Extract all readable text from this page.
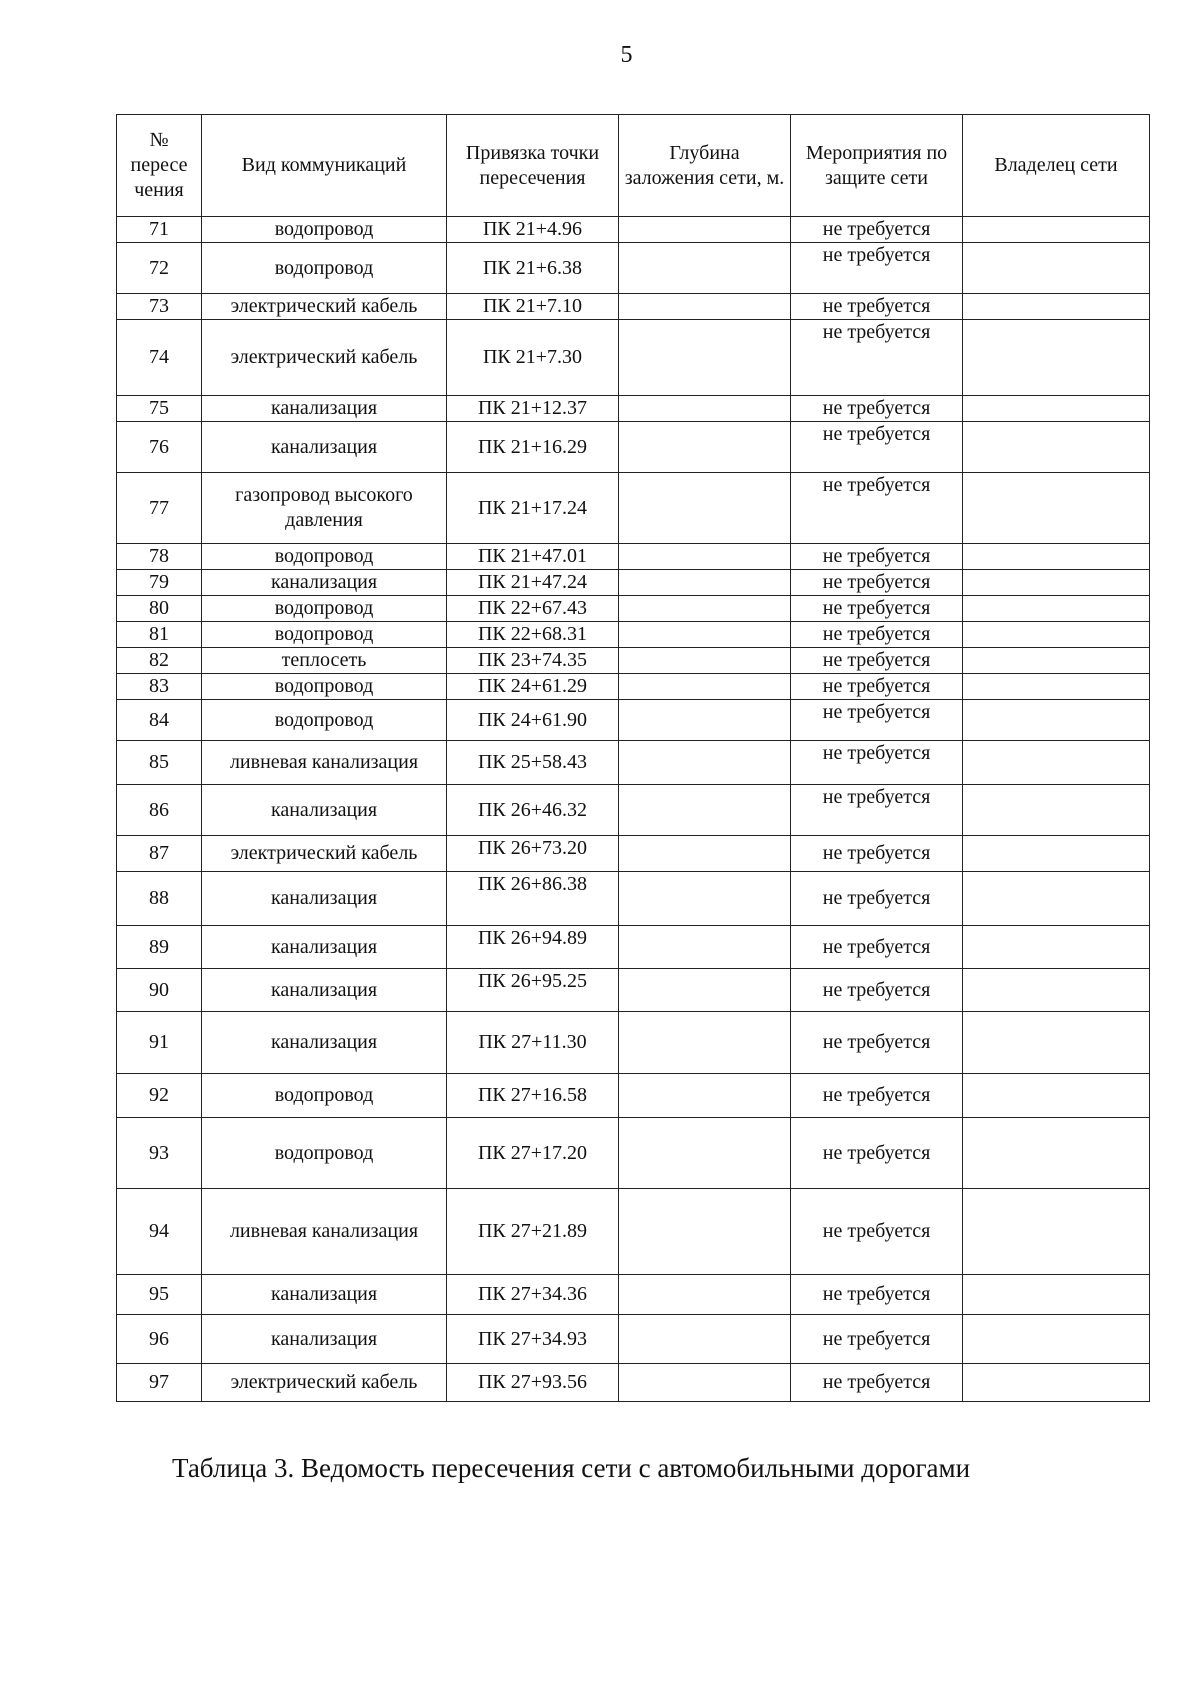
5
№ пересе чения	Вид коммуникаций	Привязка точки пересечения	Глубина заложения сети, м.	Мероприятия по защите сети	Владелец сети
71	водопровод	ПК 21+4.96		не требуется	
72	водопровод	ПК 21+6.38		не требуется	
73	электрический кабель	ПК 21+7.10		не требуется	
74	электрический кабель	ПК 21+7.30		не требуется	
75	канализация	ПК 21+12.37		не требуется	
76	канализация	ПК 21+16.29		не требуется	
77	газопровод высокого давления	ПК 21+17.24		не требуется	
78	водопровод	ПК 21+47.01		не требуется	
79	канализация	ПК 21+47.24		не требуется	
80	водопровод	ПК 22+67.43		не требуется	
81	водопровод	ПК 22+68.31		не требуется	
82	теплосеть	ПК 23+74.35		не требуется	
83	водопровод	ПК 24+61.29		не требуется	
84	водопровод	ПК 24+61.90		не требуется	
85	ливневая канализация	ПК 25+58.43		не требуется	
86	канализация	ПК 26+46.32		не требуется	
87	электрический кабель	ПК 26+73.20		не требуется	
88	канализация	ПК 26+86.38		не требуется	
89	канализация	ПК 26+94.89		не требуется	
90	канализация	ПК 26+95.25		не требуется	
91	канализация	ПК 27+11.30		не требуется	
92	водопровод	ПК 27+16.58		не требуется	
93	водопровод	ПК 27+17.20		не требуется	
94	ливневая канализация	ПК 27+21.89		не требуется	
95	канализация	ПК 27+34.36		не требуется	
96	канализация	ПК 27+34.93		не требуется	
97	электрический кабель	ПК 27+93.56		не требуется	
Таблица 3. Ведомость пересечения сети с автомобильными дорогами
